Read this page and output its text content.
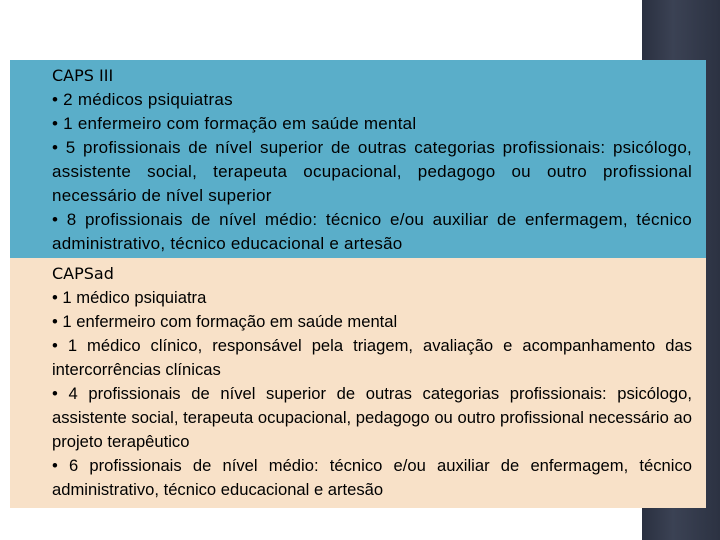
CAPS III

• 2 médicos psiquiatras

• 1 enfermeiro com formação em saúde mental

• 5 profissionais de nível superior de outras categorias profissionais: psicólogo, assistente social, terapeuta ocupacional, pedagogo ou outro profissional necessário de nível superior

• 8 profissionais de nível médio: técnico e/ou auxiliar de enfermagem, técnico administrativo, técnico educacional e artesão

CAPSad

• 1 médico psiquiatra

• 1 enfermeiro com formação em saúde mental

• 1 médico clínico, responsável pela triagem, avaliação e acompanhamento das intercorrências clínicas

• 4 profissionais de nível superior de outras categorias profissionais: psicólogo, assistente social, terapeuta ocupacional, pedagogo ou outro profissional necessário ao projeto terapêutico

• 6 profissionais de nível médio: técnico e/ou auxiliar de enfermagem, técnico administrativo, técnico educacional e artesão
